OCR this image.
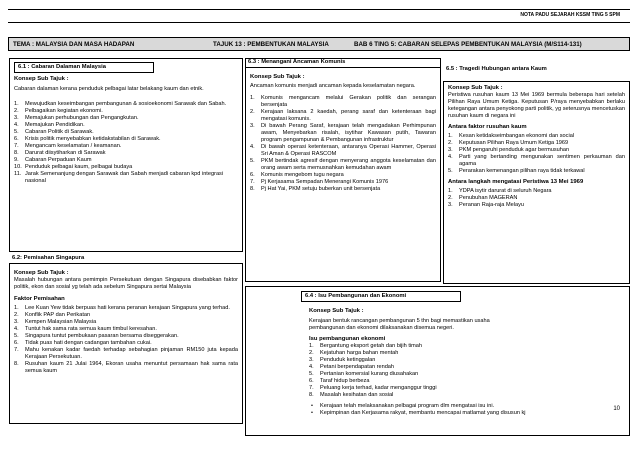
NOTA PADU SEJARAH KSSM TING 5 SPM
TEMA : MALAYSIA DAN MASA HADAPAN	TAJUK 13 : PEMBENTUKAN MALAYSIA	BAB 6 TING 5: CABARAN SELEPAS PEMBENTUKAN MALAYSIA (M/S114-131)
6.1 : Cabaran Dalaman Malaysia
Konsep Sub Tajuk :

Cabaran dalaman kerana penduduk pelbagai latar belakang kaum dan etnik.

1. Mewujudkan keseimbangan pembangunan & sosioekonomi Sarawak dan Sabah.
2. Pelbagaikan kegiatan ekonomi.
3. Memajukan perhubungan dan Pengangkutan.
4. Memajukan Pendidikan.
5. Cabaran Politik di Sarawak.
6. Krisis politik menyebabkan ketidakstabilan di Sarawak.
7. Mengancam keselamatan / keamanan.
8. Darurat diisytiharkan di Sarawak
9. Cabaran Perpaduan Kaum
10. Penduduk pelbagai kaum, pelbagai budaya
11. Jarak Semenanjung dengan Sarawak dan Sabah menjadi cabaran kpd integrasi nasional
6.2: Pemisahan Singapura
Konsep Sub Tajuk :

Masalah hubungan antara pemimpin Persekutuan dengan Singapura disebabkan faktor politik, ekon dan sosial yg telah ada sebelum Singapura sertai Malaysia

Faktor Pemisahan
1. Lee Kuan Yew tidak berpuas hati kerana peranan kerajaan Singapura yang terhad.
2. Konflik PAP dan Perikatan
3. Kempen Malaysian Malaysia
4. Tuntut hak sama rata semua kaum timbul keresahan.
5. Singapura tuntut pembukaan pasaran bersama diseggerakan.
6. Tidak puas hati dengan cadangan tambahan cukai.
7. Mahu kenakan kadar faedah terhadap sebahagian pinjaman RM150 juta kepada Kerajaan Persekutuan.
8. Rusuhan kaum 21 Julai 1964, Ekoran usaha menuntut persamaan hak sama rata semua kaum
6.3 : Menangani Ancaman Komunis
Konsep Sub Tajuk :

Ancaman komunis menjadi ancaman kepada keselamatan negara.

1. Komunis mengancam melalui Gerakan politik dan serangan bersenjata
2. Kerajaan laksana 2 kaedah, perang saraf dan ketenteraan bagi mengatasi komunis.
3. Di bawah Perang Saraf, kerajaan telah mengadakan Perhimpunan awam, Menyebarkan risalah, isytihar Kawasan putih, Tawaran program pengampunan & Pembangunan infrastruktur
4. Di bawah operasi ketenteraan, antaranya Operasi Hammer, Operasi Sri Aman & Operasi RASCOM
5. PKM bertindak agresif dengan menyerang anggota keselamatan dan orang awam serta memusnahkan kemudahan awam
6. Komunis mengebom tugu negara
7. Pj Kerjasama Sempadan Menerangi Komunis 1976
8. Pj Hat Yai, PKM setuju buberkan unit bersenjata
6.4 : Isu Pembangunan dan Ekonomi
Konsep Sub Tajuk :

Kerajaan bentuk rancangan pembangunan 5 thn bagi memastikan usaha pembangunan dan ekonomi dilaksanakan disemua negeri.

Isu pembangunan ekonomi
1. Bergantung eksport getah dan bijih timah
2. Kejatuhan harga bahan mentah
3. Penduduk ketinggalan
4. Petani berpendapatan rendah
5. Pertanian komersial kurang diusahakan
6. Taraf hidup berbeza
7. Peluang kerja terhad, kadar menganggur tinggi
8. Masalah kesihatan dan sosial
• Kerajaan telah melaksanakan pelbagai program dlm mengatasi isu ini.
• Kepimpinan dan Kerjasama rakyat, membantu mencapai matlamat yang disusun kj
6.5 : Tragedi Hubungan antara Kaum
Konsep Sub Tajuk :

Peristiwa rusuhan kaum 13 Mei 1969 bermula beberapa hari setelah Pilihan Raya Umum Ketiga. Keputusan P/raya menyebabkan berlaku ketegangan antara penyokong parti politik, yg seterusnya mencetuskan rusuhan kaum di negara ini

Antara faktor rusuhan kaum
1. Kesan ketidakseimbangan ekonomi dan social
2. Keputusan Pilihan Raya Umum Ketiga 1969
3. PKM pengaruhi penduduk agar bermusuhan
4. Parti yang bertanding mengunakan sentimen perkauman dan agama
5. Perarakan kemenangan pilihan raya tidak terkawal
Antara langkah mengatasi Peristiwa 13 Mei 1969
1. YDPA isytir darurat di seluruh Negara
2. Penubuhan MAGERAN
3. Peranan Raja-raja Melayu
10
